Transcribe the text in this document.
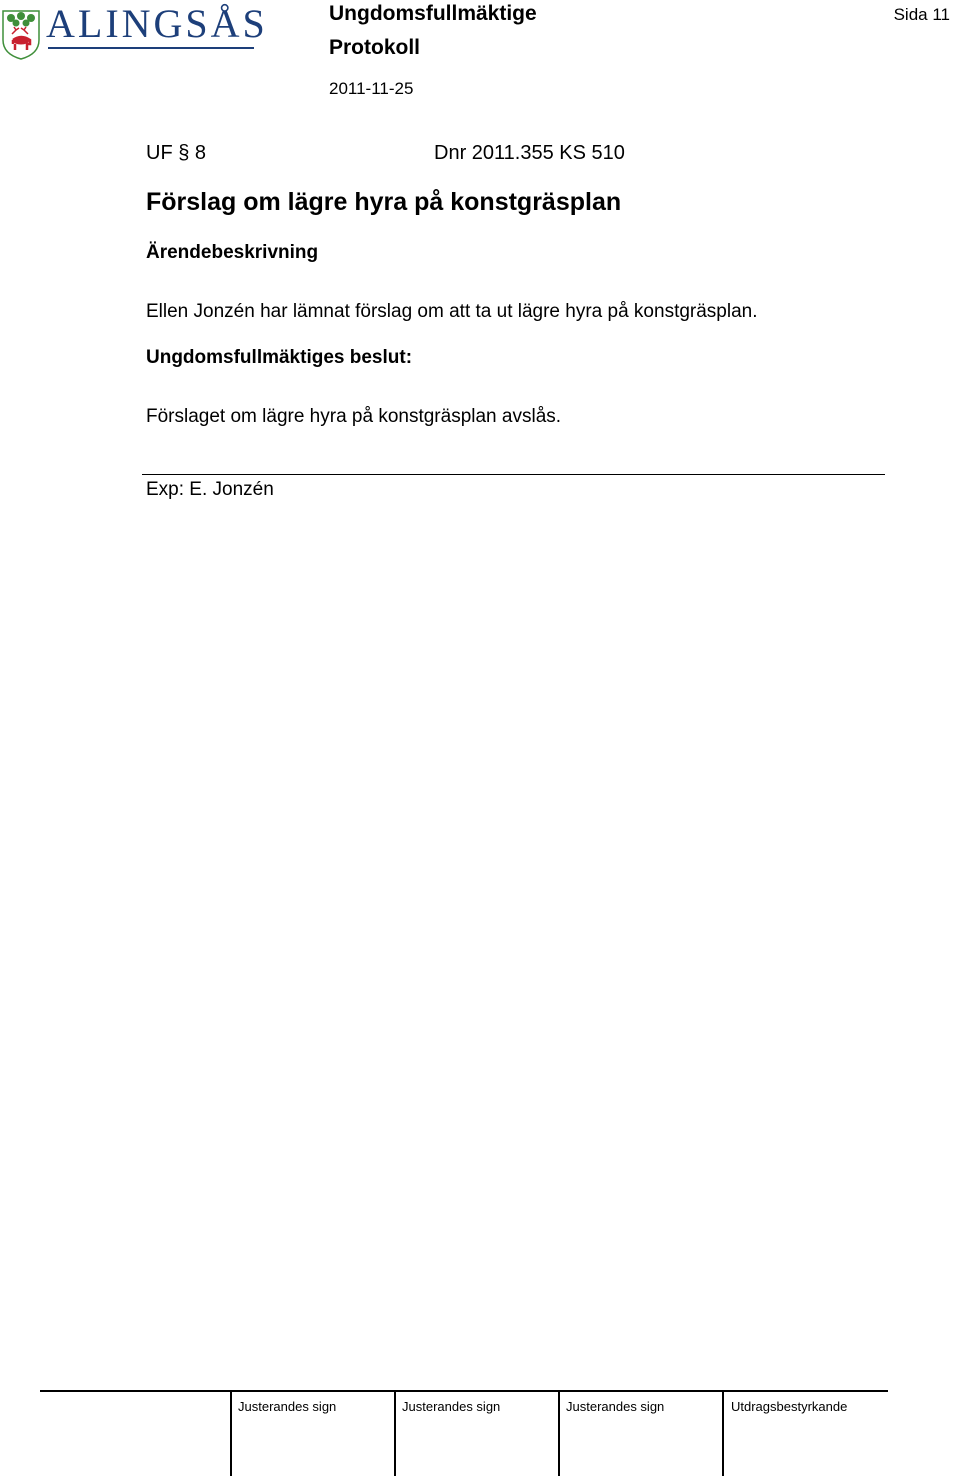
ALINGSÅS	Ungdomsfullmäktige
Protokoll
2011-11-25
Sida 11
UF § 8	Dnr 2011.355 KS 510
Förslag om lägre hyra på konstgräsplan
Ärendebeskrivning
Ellen Jonzén har lämnat förslag om att ta ut lägre hyra på konstgräsplan.
Ungdomsfullmäktiges beslut:
Förslaget om lägre hyra på konstgräsplan avslås.
Exp: E. Jonzén
Justerandes sign	Justerandes sign	Justerandes sign	Utdragsbestyrkande
